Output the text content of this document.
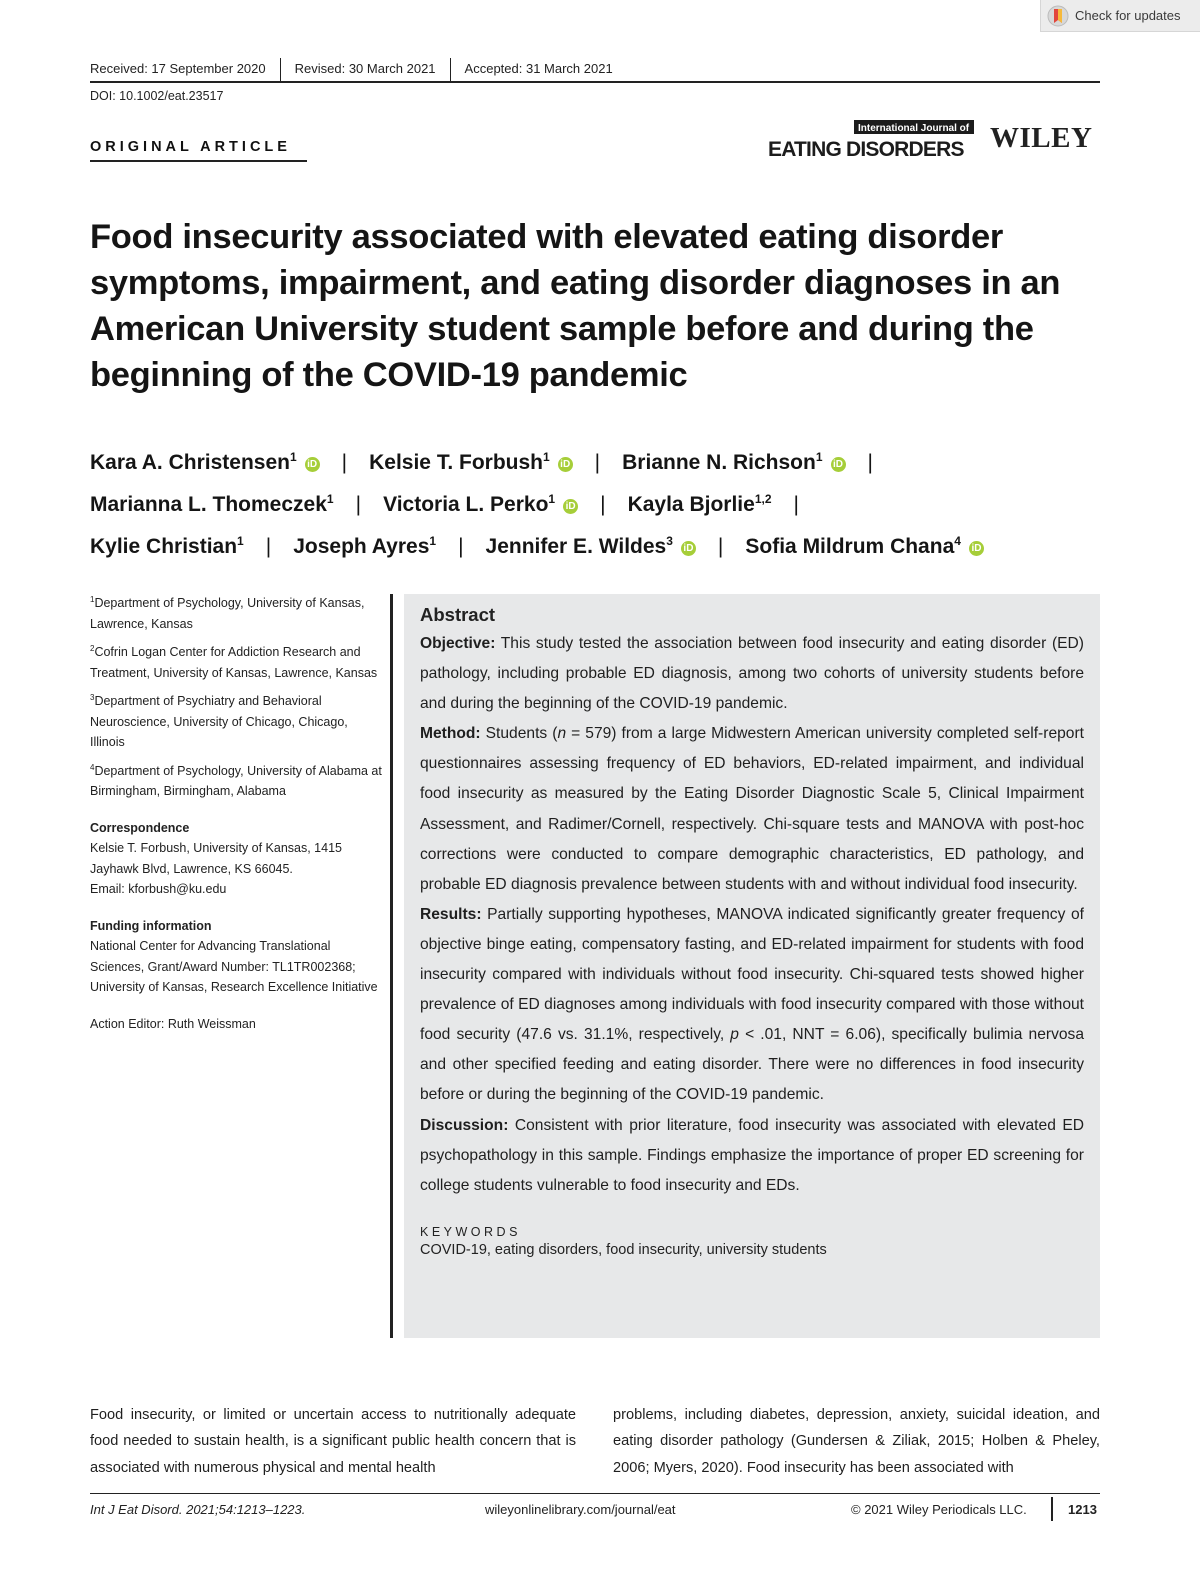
Check for updates
Received: 17 September 2020 Revised: 30 March 2021 Accepted: 31 March 2021
DOI: 10.1002/eat.23517
ORIGINAL ARTICLE
International Journal of
EATING DISORDERS WILEY
Food insecurity associated with elevated eating disorder symptoms, impairment, and eating disorder diagnoses in an American University student sample before and during the beginning of the COVID-19 pandemic
Kara A. Christensen$^1$iD | Kelsie T. Forbush$^1$iD | Brianne N. Richson$^1$iD |
Marianna L. Thomeczek$^1$ | Victoria L. Perko$^1$iD | Kayla Bjorlie$^{1,2}$ |
Kylie Christian$^1$ | Joseph Ayres$^1$ | Jennifer E. Wildes$^3$iD | Sofia Mildrum Chana$^4$iD
$^1$Department of Psychology, University of Kansas, Lawrence, Kansas
$^2$Cofrin Logan Center for Addiction Research and Treatment, University of Kansas, Lawrence, Kansas
$^3$Department of Psychiatry and Behavioral Neuroscience, University of Chicago, Chicago, Illinois
$^4$Department of Psychology, University of Alabama at Birmingham, Birmingham, Alabama
Correspondence
Kelsie T. Forbush, University of Kansas, 1415
Jayhawk Blvd, Lawrence, KS 66045.
Email: kforbush@ku.edu
Funding information
National Center for Advancing Translational Sciences, Grant/Award Number: TL1TR002368; University of Kansas, Research Excellence Initiative
Action Editor: Ruth Weissman
Abstract

Objective: This study tested the association between food insecurity and eating disorder (ED) pathology, including probable ED diagnosis, among two cohorts of university students before and during the beginning of the COVID-19 pandemic.

Method: Students (n = 579) from a large Midwestern American university completed self-report questionnaires assessing frequency of ED behaviors, ED-related impairment, and individual food insecurity as measured by the Eating Disorder Diagnostic Scale 5, Clinical Impairment Assessment, and Radimer/Cornell, respectively. Chi-square tests and MANOVA with post-hoc corrections were conducted to compare demographic characteristics, ED pathology, and probable ED diagnosis prevalence between students with and without individual food insecurity.

Results: Partially supporting hypotheses, MANOVA indicated significantly greater frequency of objective binge eating, compensatory fasting, and ED-related impairment for students with food insecurity compared with individuals without food insecurity. Chi-squared tests showed higher prevalence of ED diagnoses among individuals with food insecurity compared with those without food security (47.6 vs. 31.1%, respectively, p < .01, NNT = 6.06), specifically bulimia nervosa and other specified feeding and eating disorder. There were no differences in food insecurity before or during the beginning of the COVID-19 pandemic.

Discussion: Consistent with prior literature, food insecurity was associated with elevated ED psychopathology in this sample. Findings emphasize the importance of proper ED screening for college students vulnerable to food insecurity and EDs.

KEYWORDS
COVID-19, eating disorders, food insecurity, university students
Food insecurity, or limited or uncertain access to nutritionally adequate food needed to sustain health, is a significant public health concern that is associated with numerous physical and mental health
problems, including diabetes, depression, anxiety, suicidal ideation, and eating disorder pathology (Gundersen & Ziliak, 2015; Holben & Pheley, 2006; Myers, 2020). Food insecurity has been associated with
Int J Eat Disord. 2021;54:1213–1223.	wileyonlinelibrary.com/journal/eat	© 2021 Wiley Periodicals LLC.	1213
